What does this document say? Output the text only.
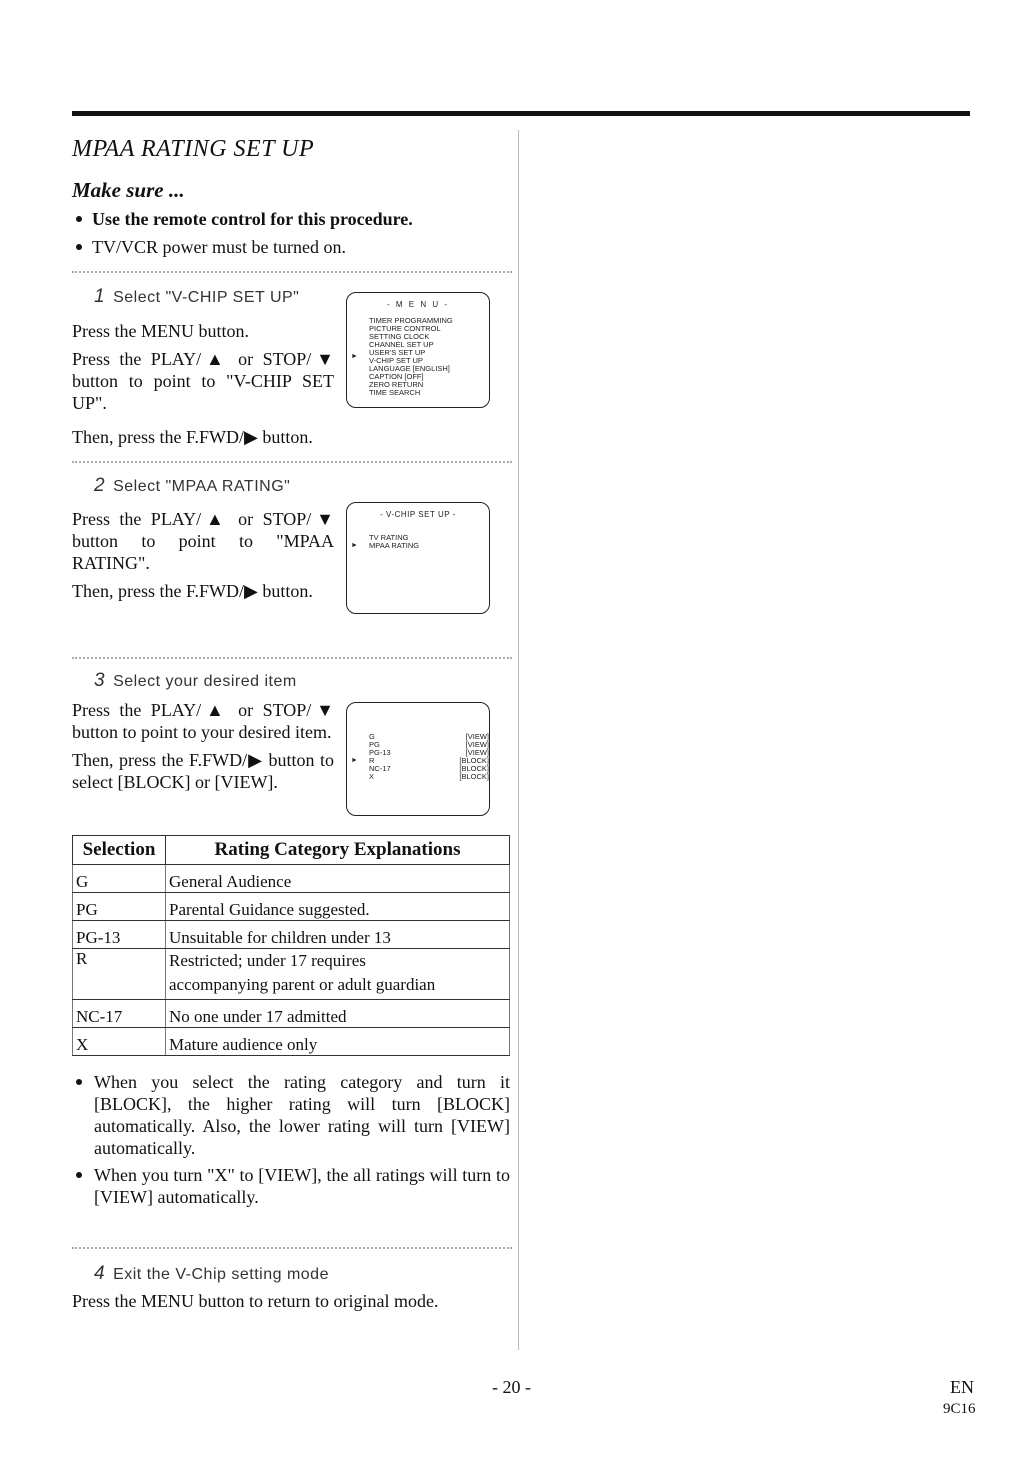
MPAA RATING SET UP
Make sure ...
Use the remote control for this procedure.
TV/VCR power must be turned on.
1 Select "V-CHIP SET UP"

Press the MENU button.

Press the PLAY/▲ or STOP/▼ button to point to "V-CHIP SET UP".

Then, press the F.FWD/▶ button.

- M E N U -
►
TIMER PROGRAMMING
PICTURE CONTROL
SETTING CLOCK
CHANNEL SET UP
USER'S SET UP
V-CHIP SET UP
LANGUAGE [ENGLISH]
CAPTION [OFF]
ZERO RETURN
TIME SEARCH
2 Select "MPAA RATING"

Press the PLAY/▲ or STOP/▼ button to point to "MPAA RATING".

Then, press the F.FWD/▶ button.

- V-CHIP SET UP -
►
TV RATING
MPAA RATING
3 Select your desired item

Press the PLAY/▲ or STOP/▼ button to point to your desired item.

Then, press the F.FWD/▶ button to select [BLOCK] or [VIEW].

►
G	[VIEW]
PG	[VIEW]
PG-13	[VIEW]
R	[BLOCK]
NC-17	[BLOCK]
X	[BLOCK]
Selection	Rating Category Explanations
G	General Audience
PG	Parental Guidance suggested.
PG-13	Unsuitable for children under 13
R	Restricted; under 17 requires
accompanying parent or adult guardian

NC-17	No one under 17 admitted
X	Mature audience only
When you select the rating category and turn it [BLOCK], the higher rating will turn [BLOCK] automatically. Also, the lower rating will turn [VIEW] automatically.
When you turn "X" to [VIEW], the all ratings will turn to [VIEW] automatically.
4 Exit the V-Chip setting mode

Press the MENU button to return to original mode.

- 20 -	EN
9C16
